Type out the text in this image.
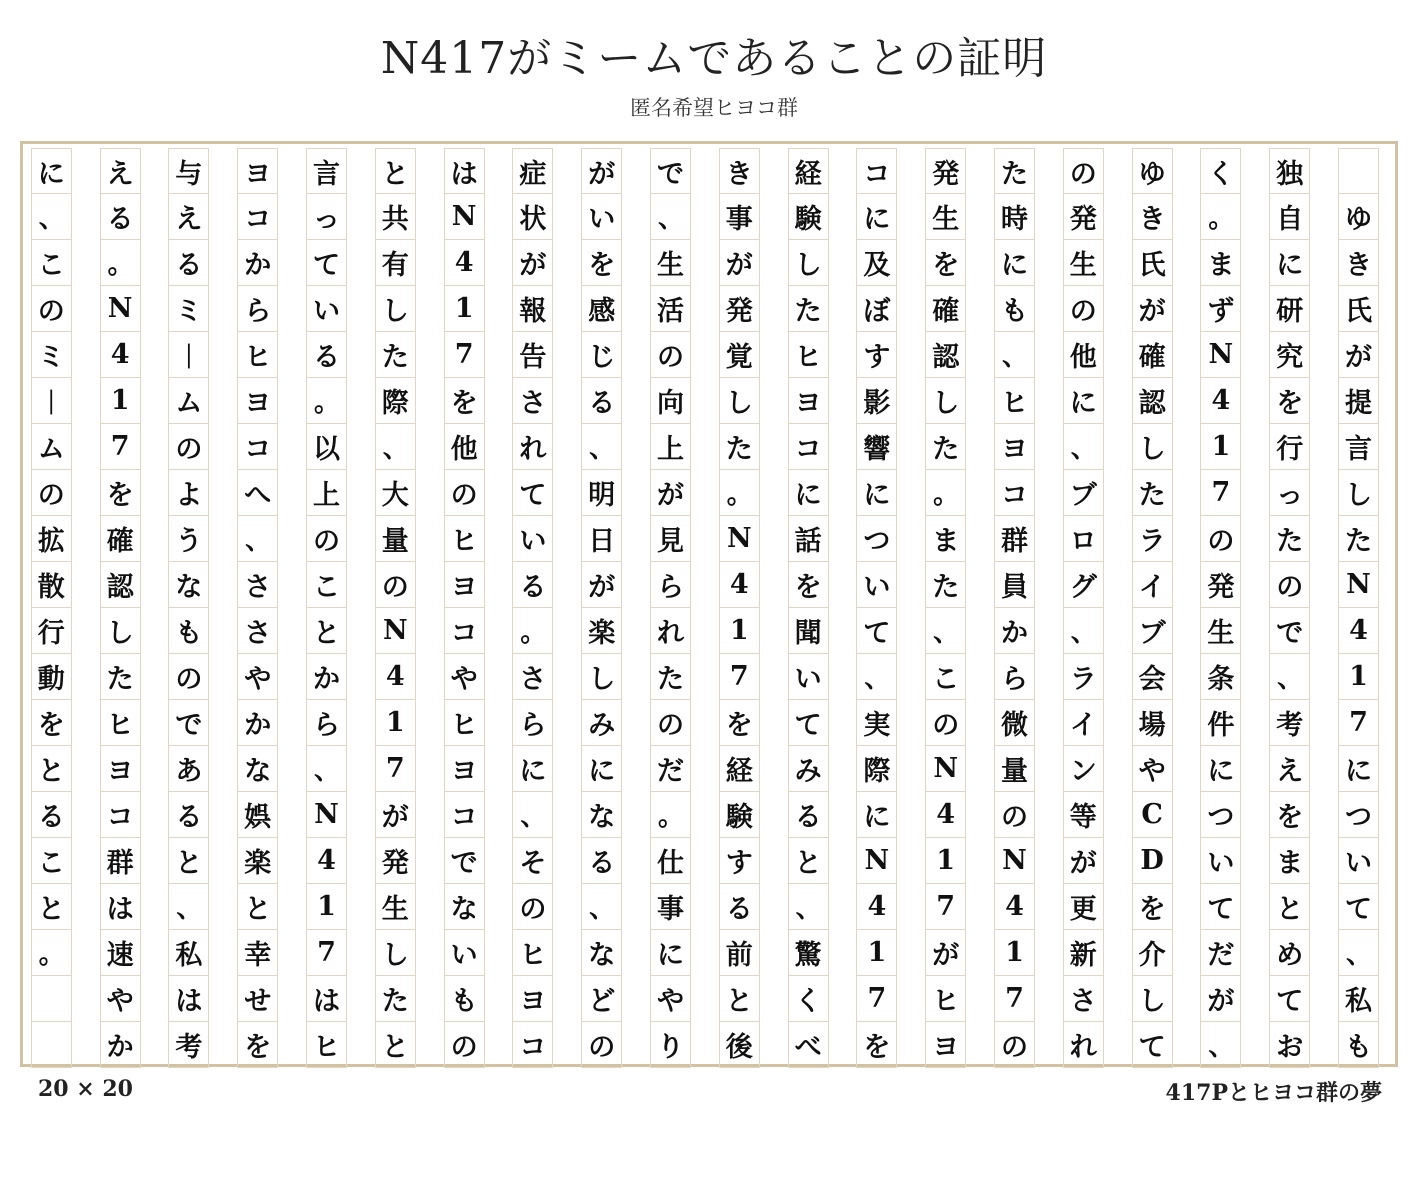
N417がミームであることの証明
匿名希望ヒヨコ群
ゆ
き
氏
が
提
言
し
た
N
4
1
7
に
つ
い
て
、
私
も
独
自
に
研
究
を
行
っ
た
の
で
、
考
え
を
ま
と
め
て
お
く
。
ま
ず
N
4
1
7
の
発
生
条
件
に
つ
い
て
だ
が
、
ゆ
き
氏
が
確
認
し
た
ラ
イ
ブ
会
場
や
C
D
を
介
し
て
の
発
生
の
他
に
、
ブ
ロ
グ
、
ラ
イ
ン
等
が
更
新
さ
れ
た
時
に
も
、
ヒ
ヨ
コ
群
員
か
ら
微
量
の
N
4
1
7
の
発
生
を
確
認
し
た
。
ま
た
、
こ
の
N
4
1
7
が
ヒ
ヨ
コ
に
及
ぼ
す
影
響
に
つ
い
て
、
実
際
に
N
4
1
7
を
経
験
し
た
ヒ
ヨ
コ
に
話
を
聞
い
て
み
る
と
、
驚
く
べ
き
事
が
発
覚
し
た
。
N
4
1
7
を
経
験
す
る
前
と
後
で
、
生
活
の
向
上
が
見
ら
れ
た
の
だ
。
仕
事
に
や
り
が
い
を
感
じ
る
、
明
日
が
楽
し
み
に
な
る
、
な
ど
の
症
状
が
報
告
さ
れ
て
い
る
。
さ
ら
に
、
そ
の
ヒ
ヨ
コ
は
N
4
1
7
を
他
の
ヒ
ヨ
コ
や
ヒ
ヨ
コ
で
な
い
も
の
と
共
有
し
た
際
、
大
量
の
N
4
1
7
が
発
生
し
た
と
言
っ
て
い
る
。
以
上
の
こ
と
か
ら
、
N
4
1
7
は
ヒ
ヨ
コ
か
ら
ヒ
ヨ
コ
へ
、
さ
さ
や
か
な
娯
楽
と
幸
せ
を
与
え
る
ミ
｜
ム
の
よ
う
な
も
の
で
あ
る
と
、
私
は
考
え
る
。
N
4
1
7
を
確
認
し
た
ヒ
ヨ
コ
群
は
速
や
か
に
、
こ
の
ミ
｜
ム
の
拡
散
行
動
を
と
る
こ
と
。
20 × 20	417Pとヒヨコ群の夢
